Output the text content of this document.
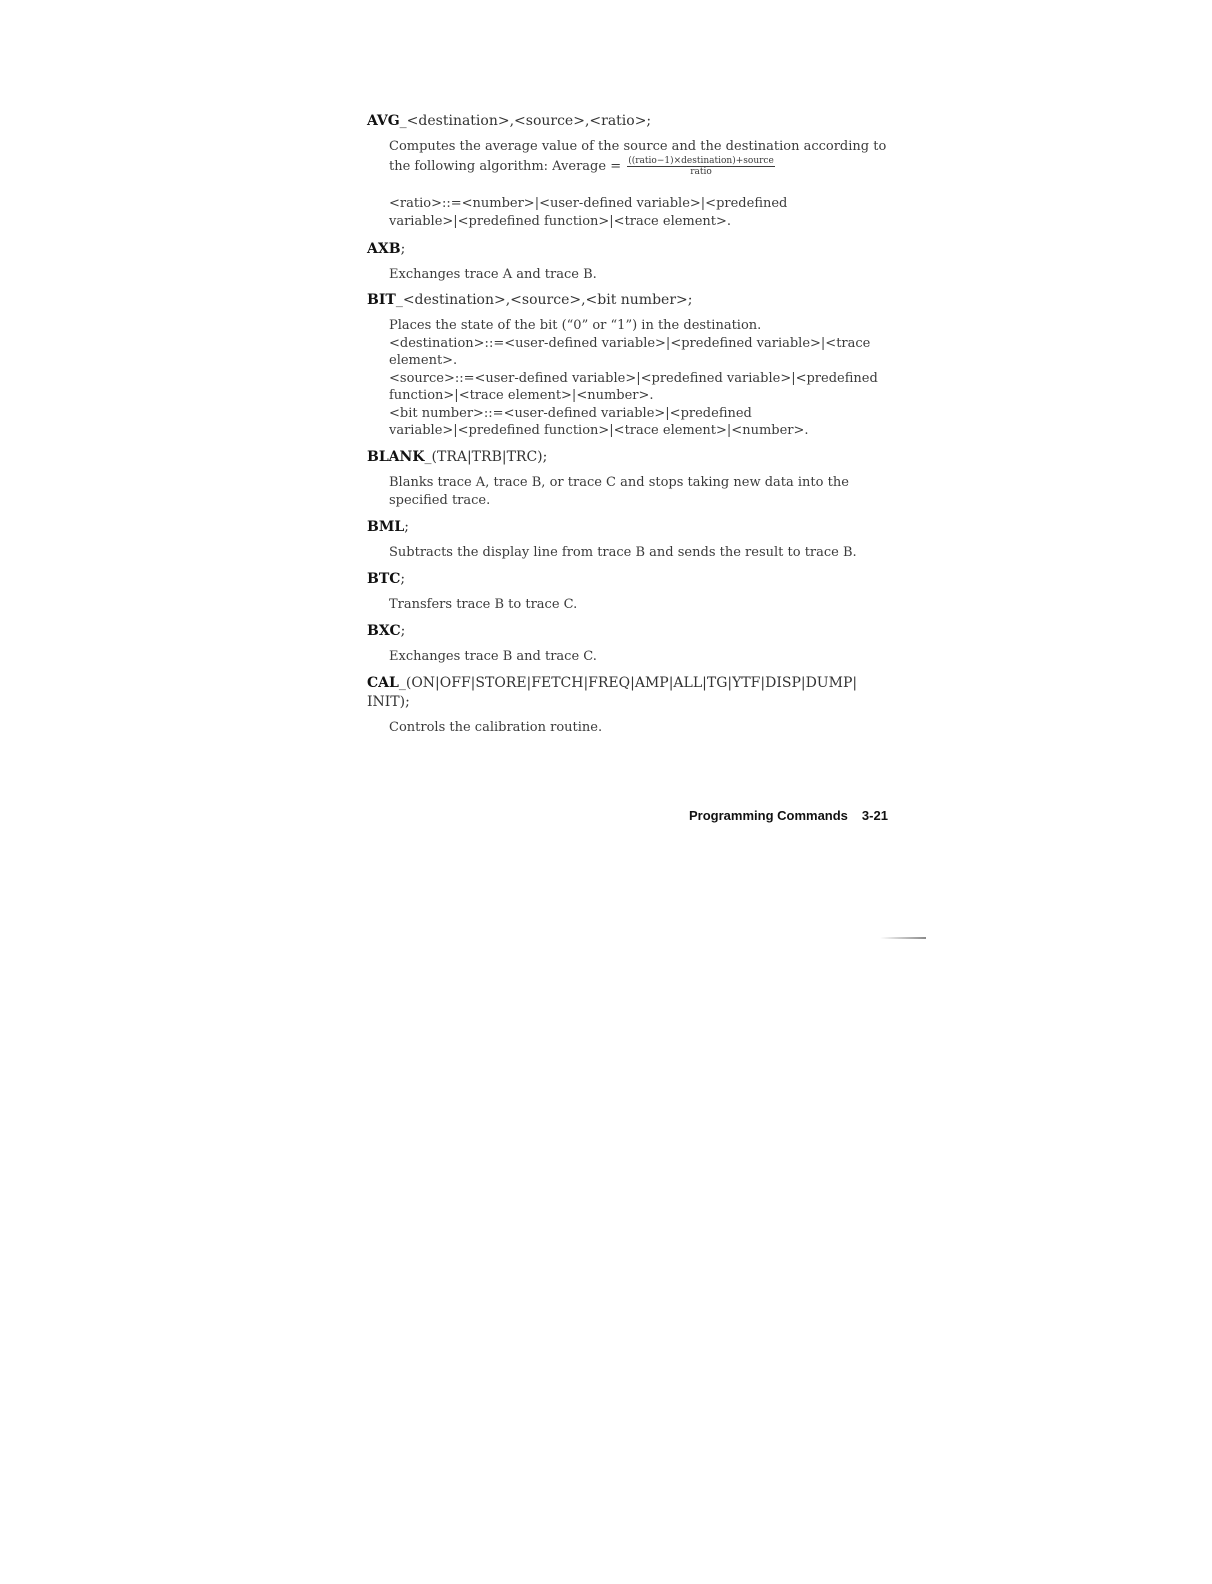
AVG_<destination>,<source>,<ratio>;
Computes the average value of the source and the destination according to
the following algorithm: Average = $\frac{\text{((ratio−1)×destination)+source}}{\text{ratio}}$
<ratio>::=<number>|<user-defined variable>|<predefined
variable>|<predefined function>|<trace element>.
AXB;
Exchanges trace A and trace B.
BIT_<destination>,<source>,<bit number>;
Places the state of the bit (“0” or “1”) in the destination.
<destination>::=<user-defined variable>|<predefined variable>|<trace
element>.
<source>::=<user-defined variable>|<predefined variable>|<predefined
function>|<trace element>|<number>.
<bit number>::=<user-defined variable>|<predefined
variable>|<predefined function>|<trace element>|<number>.
BLANK_(TRA|TRB|TRC);
Blanks trace A, trace B, or trace C and stops taking new data into the
specified trace.
BML;
Subtracts the display line from trace B and sends the result to trace B.
BTC;
Transfers trace B to trace C.
BXC;
Exchanges trace B and trace C.
CAL_(ON|OFF|STORE|FETCH|FREQ|AMP|ALL|TG|YTF|DISP|DUMP|
INIT);
Controls the calibration routine.
Programming Commands 3-21
